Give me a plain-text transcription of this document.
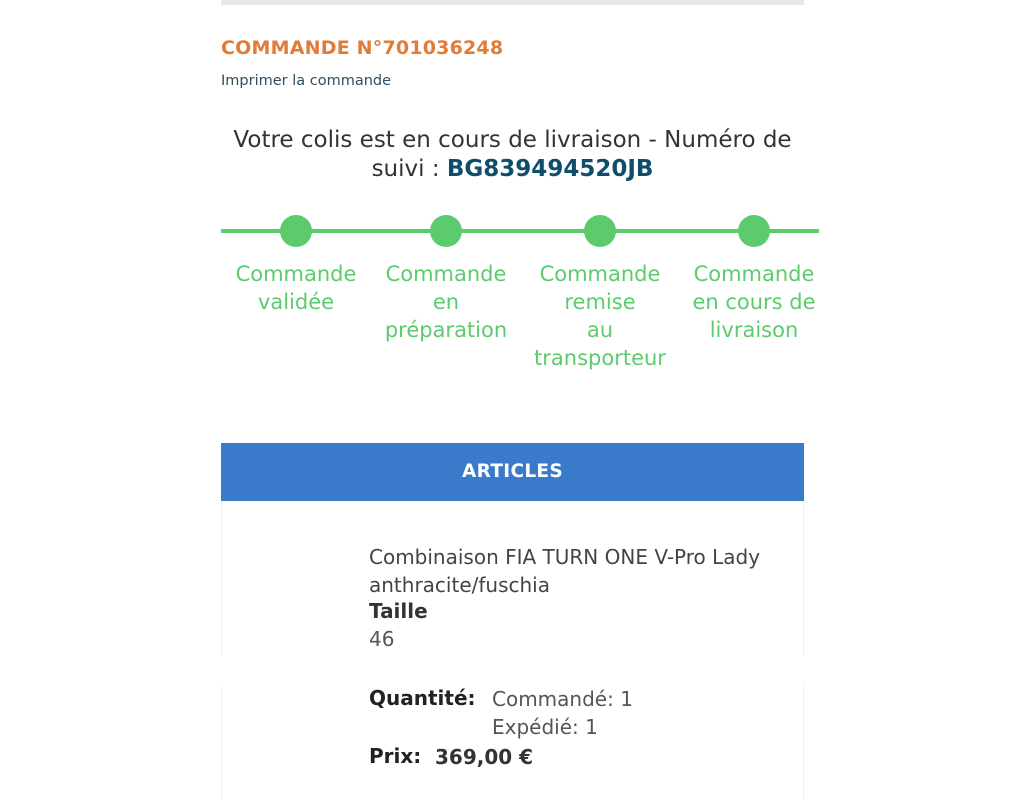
COMMANDE N°701036248
Imprimer la commande
Votre colis est en cours de livraison - Numéro de suivi : BG839494520JB
Commande
validée
Commande
en
préparation
Commande
remise
au
transporteur
Commande
en cours de
livraison
ARTICLES
Combinaison FIA TURN ONE V-Pro Lady anthracite/fuschia
Taille
46
Quantité: Commandé: 1
Expédié: 1
Prix: 369,00 €
